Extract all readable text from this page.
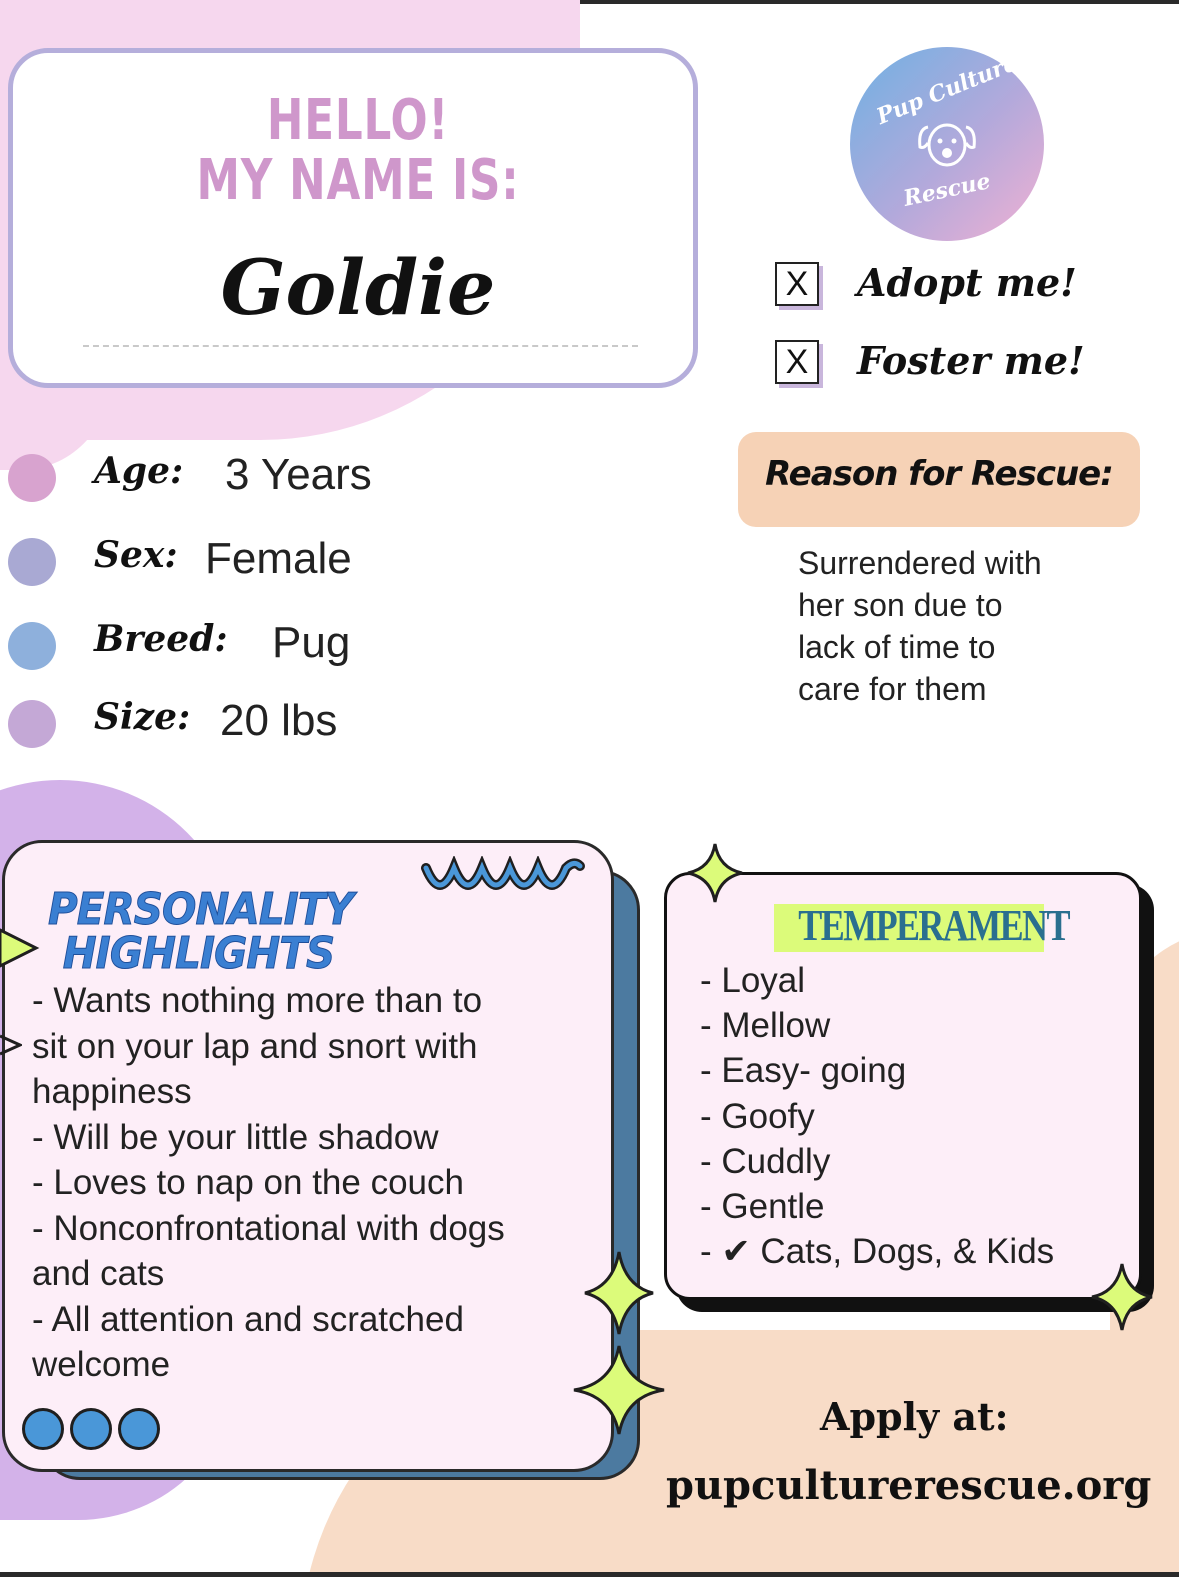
HELLO!
MY NAME IS:
Goldie
Pup Culture
Rescue
X Adopt me!
X Foster me!
Reason for Rescue:
Surrendered with
her son due to
lack of time to
care for them
Age: 3 Years
Sex: Female
Breed: Pug
Size: 20 lbs
PERSONALITY
HIGHLIGHTS
- Wants nothing more than to
sit on your lap and snort with
happiness
- Will be your little shadow
- Loves to nap on the couch
- Nonconfrontational with dogs
and cats
- All attention and scratched
welcome
TEMPERAMENT
- Loyal
- Mellow
- Easy- going
- Goofy
- Cuddly
- Gentle
- ✔ Cats, Dogs, & Kids
Apply at:
pupculturerescue.org
